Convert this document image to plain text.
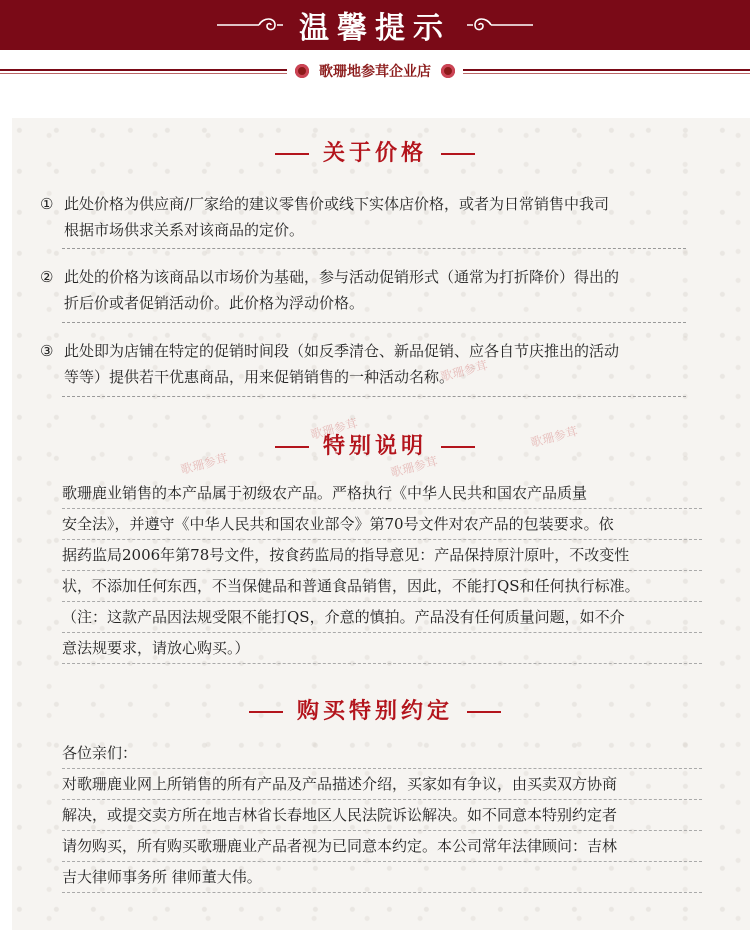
温馨提示
歌珊地参茸企业店
歌珊参茸
歌珊参茸	歌珊参茸
歌珊参茸
歌珊参茸
关于价格
① 此处价格为供应商/厂家给的建议零售价或线下实体店价格，或者为日常销售中我司
根据市场供求关系对该商品的定价。
② 此处的价格为该商品以市场价为基础，参与活动促销形式（通常为打折降价）得出的
折后价或者促销活动价。此价格为浮动价格。
③ 此处即为店铺在特定的促销时间段（如反季清仓、新品促销、应各自节庆推出的活动
等等）提供若干优惠商品，用来促销销售的一种活动名称。
特别说明
歌珊鹿业销售的本产品属于初级农产品。严格执行《中华人民共和国农产品质量
安全法》，并遵守《中华人民共和国农业部令》第70号文件对农产品的包装要求。依
据药监局2006年第78号文件，按食药监局的指导意见：产品保持原汁原叶，不改变性
状，不添加任何东西，不当保健品和普通食品销售，因此，不能打QS和任何执行标准。
（注：这款产品因法规受限不能打QS，介意的慎拍。产品没有任何质量问题，如不介
意法规要求，请放心购买。）
购买特别约定
各位亲们：
对歌珊鹿业网上所销售的所有产品及产品描述介绍，买家如有争议，由买卖双方协商
解决，或提交卖方所在地吉林省长春地区人民法院诉讼解决。如不同意本特别约定者
请勿购买，所有购买歌珊鹿业产品者视为已同意本约定。本公司常年法律顾问：吉林
吉大律师事务所 律师董大伟。
